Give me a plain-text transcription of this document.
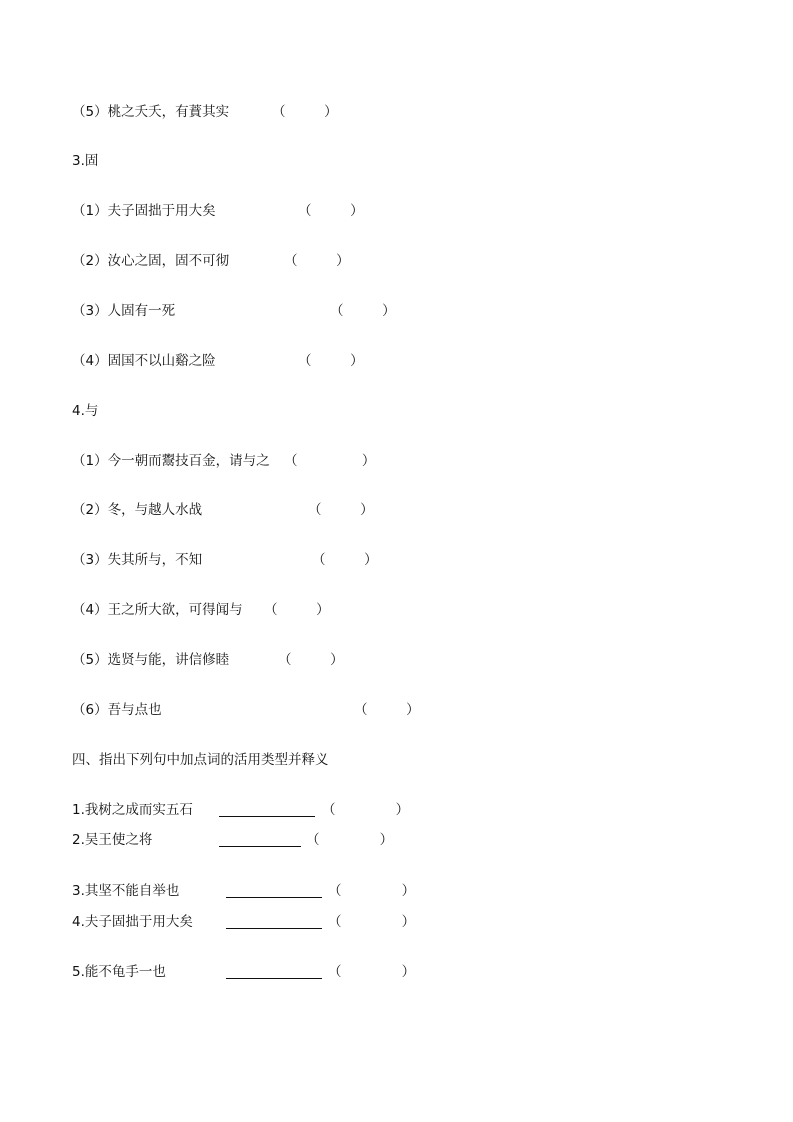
（5）桃之夭夭，有蕡其实	（         ）
3.固
（1）夫子固拙于用大矣	（         ）
（2）汝心之固，固不可彻	（         ）
（3）人固有一死	（         ）
（4）固国不以山谿之险	（         ）
4.与
（1）今一朝而鬻技百金，请与之 （               ）
（2）冬，与越人水战	（         ）
（3）失其所与，不知	（         ）
（4）王之所大欲，可得闻与 （         ）
（5）选贤与能，讲信修睦	（         ）
（6）吾与点也	（         ）
四、指出下列句中加点词的活用类型并释义
1.我树之成而实五石	（              ）
2.吴王使之将	（              ）
3.其坚不能自举也	（              ）
4.夫子固拙于用大矣	（              ）
5.能不龟手一也	（              ）
